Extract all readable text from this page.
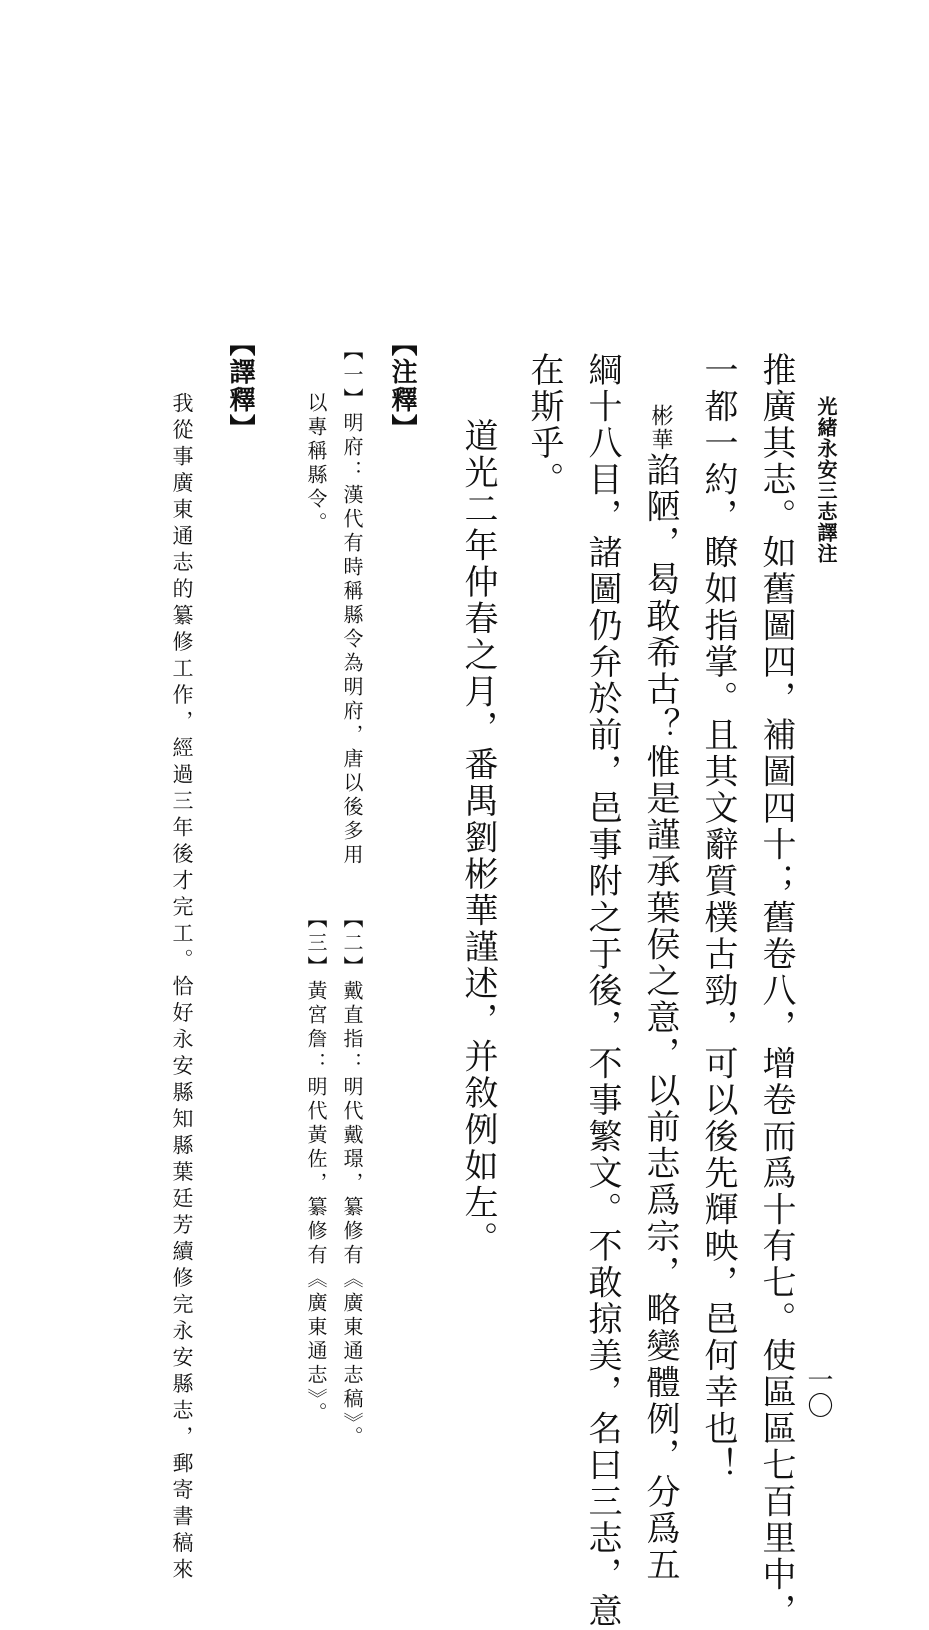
光緒永安三志譯注
一〇
推廣其志。如舊圖四，補圖四十；舊卷八，增卷而爲十有七。使區區七百里中，
一都一約，瞭如指掌。且其文辭質樸古勁，可以後先輝映，邑何幸也！
彬華諂陋，曷敢希古？惟是謹承葉侯之意，以前志爲宗，略變體例，分爲五
綱十八目，諸圖仍弁於前，邑事附之于後，不事繁文。不敢掠美，名曰三志，意
在斯乎。
道光二年仲春之月，番禺劉彬華謹述，并敘例如左。
【注釋】
【一】明府：漢代有時稱縣令為明府，唐以後多用
以專稱縣令。
【二】戴直指：明代戴璟，纂修有《廣東通志稿》。
【三】黃宮詹：明代黃佐，纂修有《廣東通志》。
【譯釋】
我從事廣東通志的纂修工作，經過三年後才完工。恰好永安縣知縣葉廷芳續修完永安縣志，郵寄書稿來
